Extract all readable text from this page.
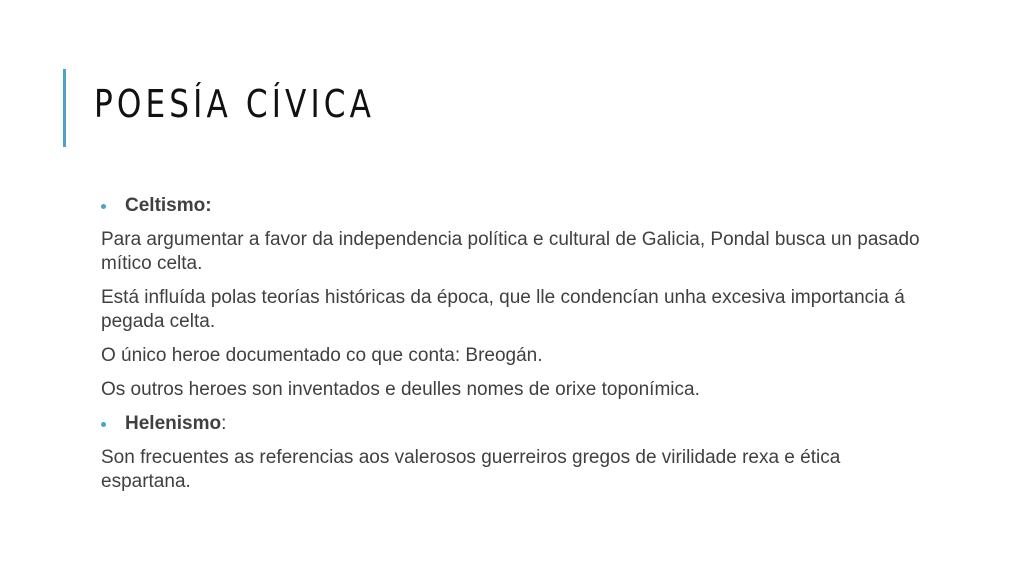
POESÍA CÍVICA
Celtismo:

Para argumentar a favor da independencia política e cultural de Galicia, Pondal busca un pasado mítico celta.

Está influída polas teorías históricas da época, que lle condencían unha excesiva importancia á pegada celta.

O único heroe documentado co que conta: Breogán.

Os outros heroes son inventados e deulles nomes de orixe toponímica.

Helenismo:

Son frecuentes as referencias aos valerosos guerreiros gregos de virilidade rexa e ética espartana.
